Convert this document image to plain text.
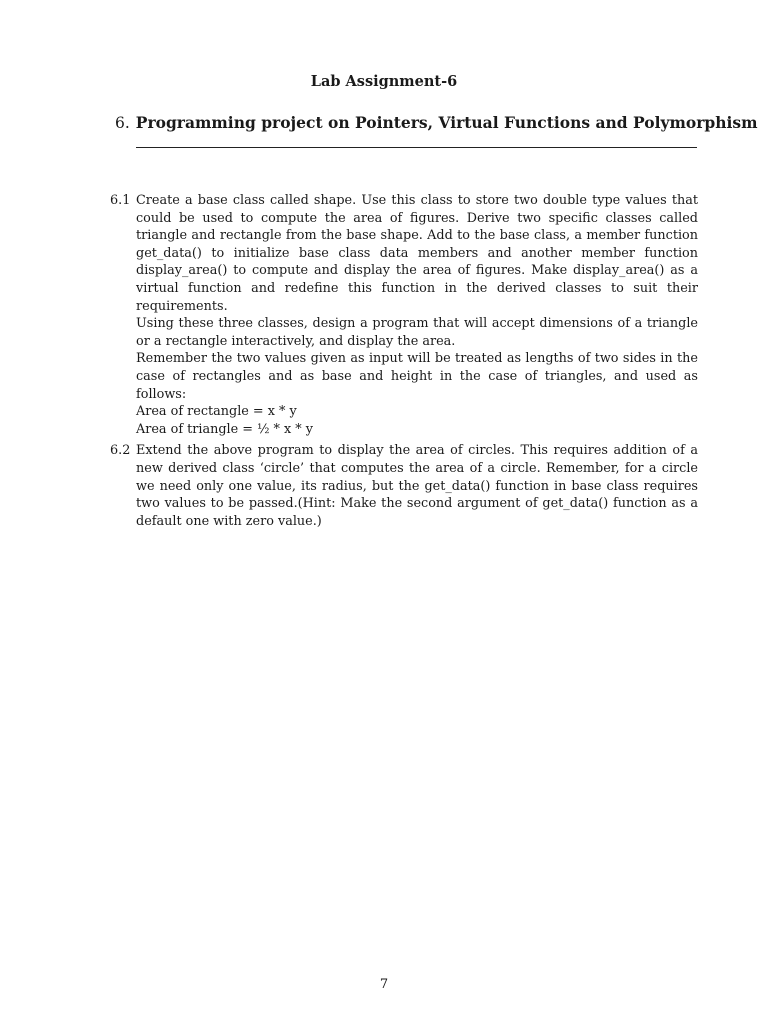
Lab Assignment-6
6. Programming project on Pointers, Virtual Functions and Polymorphism
6.1 Create a base class called shape. Use this class to store two double type values that could be used to compute the area of figures. Derive two specific classes called triangle and rectangle from the base shape. Add to the base class, a member function get_data() to initialize base class data members and another member function display_area() to compute and display the area of figures. Make display_area() as a virtual function and redefine this function in the derived classes to suit their requirements.

Using these three classes, design a program that will accept dimensions of a triangle or a rectangle interactively, and display the area.

Remember the two values given as input will be treated as lengths of two sides in the case of rectangles and as base and height in the case of triangles, and used as follows:

Area of rectangle = x * y

Area of triangle = ½ * x * y

6.2 Extend the above program to display the area of circles. This requires addition of a new derived class ‘circle’ that computes the area of a circle. Remember, for a circle we need only one value, its radius, but the get_data() function in base class requires two values to be passed.(Hint: Make the second argument of get_data() function as a default one with zero value.)

7
